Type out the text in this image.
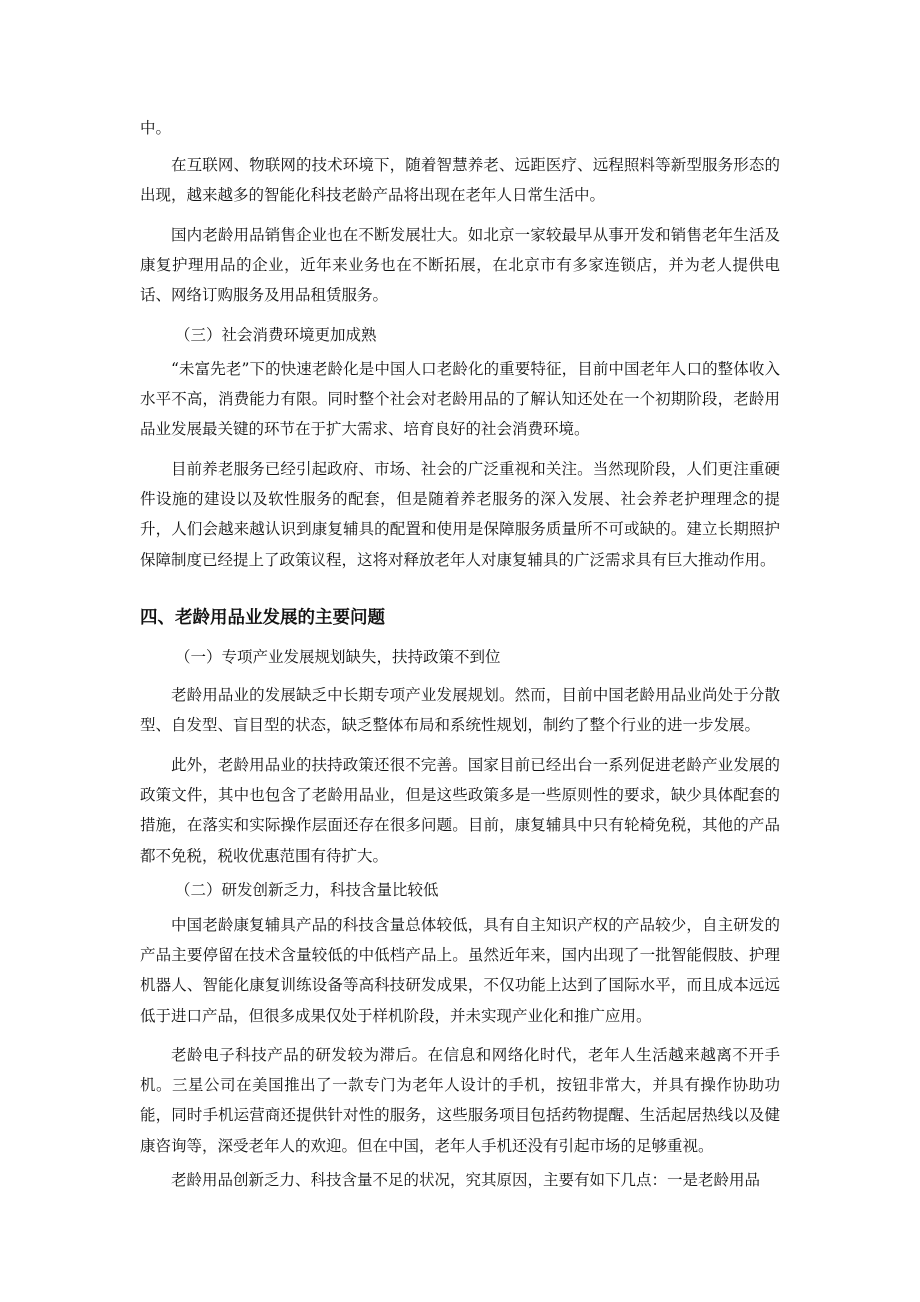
中。

在互联网、物联网的技术环境下，随着智慧养老、远距医疗、远程照料等新型服务形态的出现，越来越多的智能化科技老龄产品将出现在老年人日常生活中。

国内老龄用品销售企业也在不断发展壮大。如北京一家较最早从事开发和销售老年生活及康复护理用品的企业，近年来业务也在不断拓展，在北京市有多家连锁店，并为老人提供电话、网络订购服务及用品租赁服务。

（三）社会消费环境更加成熟

“未富先老”下的快速老龄化是中国人口老龄化的重要特征，目前中国老年人口的整体收入水平不高，消费能力有限。同时整个社会对老龄用品的了解认知还处在一个初期阶段，老龄用品业发展最关键的环节在于扩大需求、培育良好的社会消费环境。

目前养老服务已经引起政府、市场、社会的广泛重视和关注。当然现阶段，人们更注重硬件设施的建设以及软性服务的配套，但是随着养老服务的深入发展、社会养老护理理念的提升，人们会越来越认识到康复辅具的配置和使用是保障服务质量所不可或缺的。建立长期照护保障制度已经提上了政策议程，这将对释放老年人对康复辅具的广泛需求具有巨大推动作用。

四、老龄用品业发展的主要问题

（一）专项产业发展规划缺失，扶持政策不到位

老龄用品业的发展缺乏中长期专项产业发展规划。然而，目前中国老龄用品业尚处于分散型、自发型、盲目型的状态，缺乏整体布局和系统性规划，制约了整个行业的进一步发展。

此外，老龄用品业的扶持政策还很不完善。国家目前已经出台一系列促进老龄产业发展的政策文件，其中也包含了老龄用品业，但是这些政策多是一些原则性的要求，缺少具体配套的措施，在落实和实际操作层面还存在很多问题。目前，康复辅具中只有轮椅免税，其他的产品都不免税，税收优惠范围有待扩大。

（二）研发创新乏力，科技含量比较低

中国老龄康复辅具产品的科技含量总体较低，具有自主知识产权的产品较少，自主研发的产品主要停留在技术含量较低的中低档产品上。虽然近年来，国内出现了一批智能假肢、护理机器人、智能化康复训练设备等高科技研发成果，不仅功能上达到了国际水平，而且成本远远低于进口产品，但很多成果仅处于样机阶段，并未实现产业化和推广应用。

老龄电子科技产品的研发较为滞后。在信息和网络化时代，老年人生活越来越离不开手机。三星公司在美国推出了一款专门为老年人设计的手机，按钮非常大，并具有操作协助功能，同时手机运营商还提供针对性的服务，这些服务项目包括药物提醒、生活起居热线以及健康咨询等，深受老年人的欢迎。但在中国，老年人手机还没有引起市场的足够重视。

老龄用品创新乏力、科技含量不足的状况，究其原因，主要有如下几点：一是老龄用品
